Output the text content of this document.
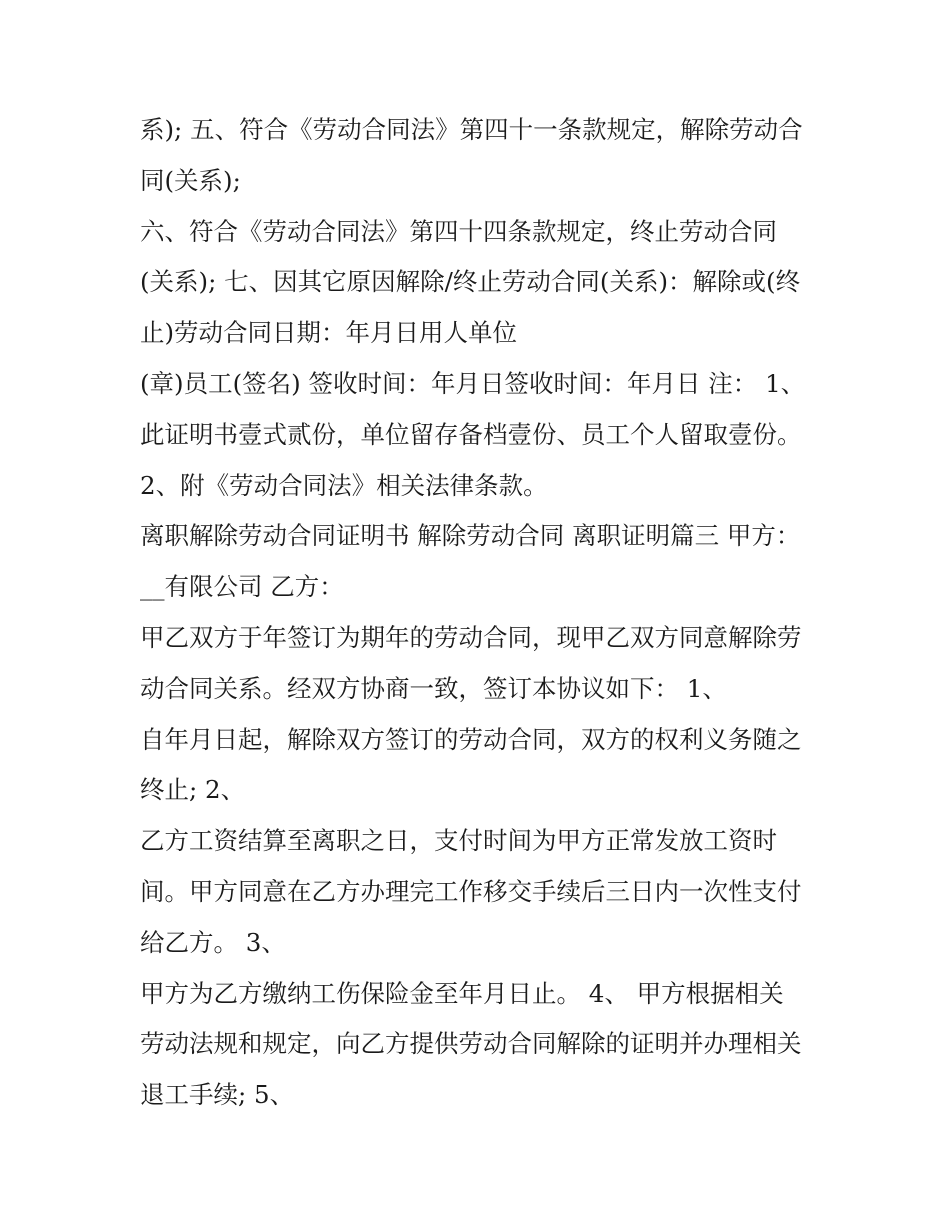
系); 五、符合《劳动合同法》第四十一条款规定，解除劳动合
同(关系);
六、符合《劳动合同法》第四十四条款规定，终止劳动合同
(关系); 七、因其它原因解除/终止劳动合同(关系)：解除或(终
止)劳动合同日期：年月日用人单位
(章)员工(签名) 签收时间：年月日签收时间：年月日 注： 1、
此证明书壹式贰份，单位留存备档壹份、员工个人留取壹份。
2、附《劳动合同法》相关法律条款。
离职解除劳动合同证明书 解除劳动合同 离职证明篇三 甲方：
__有限公司 乙方：
甲乙双方于年签订为期年的劳动合同，现甲乙双方同意解除劳
动合同关系。经双方协商一致，签订本协议如下： 1、
自年月日起，解除双方签订的劳动合同，双方的权利义务随之
终止; 2、
乙方工资结算至离职之日，支付时间为甲方正常发放工资时
间。甲方同意在乙方办理完工作移交手续后三日内一次性支付
给乙方。 3、
甲方为乙方缴纳工伤保险金至年月日止。 4、 甲方根据相关
劳动法规和规定，向乙方提供劳动合同解除的证明并办理相关
退工手续; 5、
